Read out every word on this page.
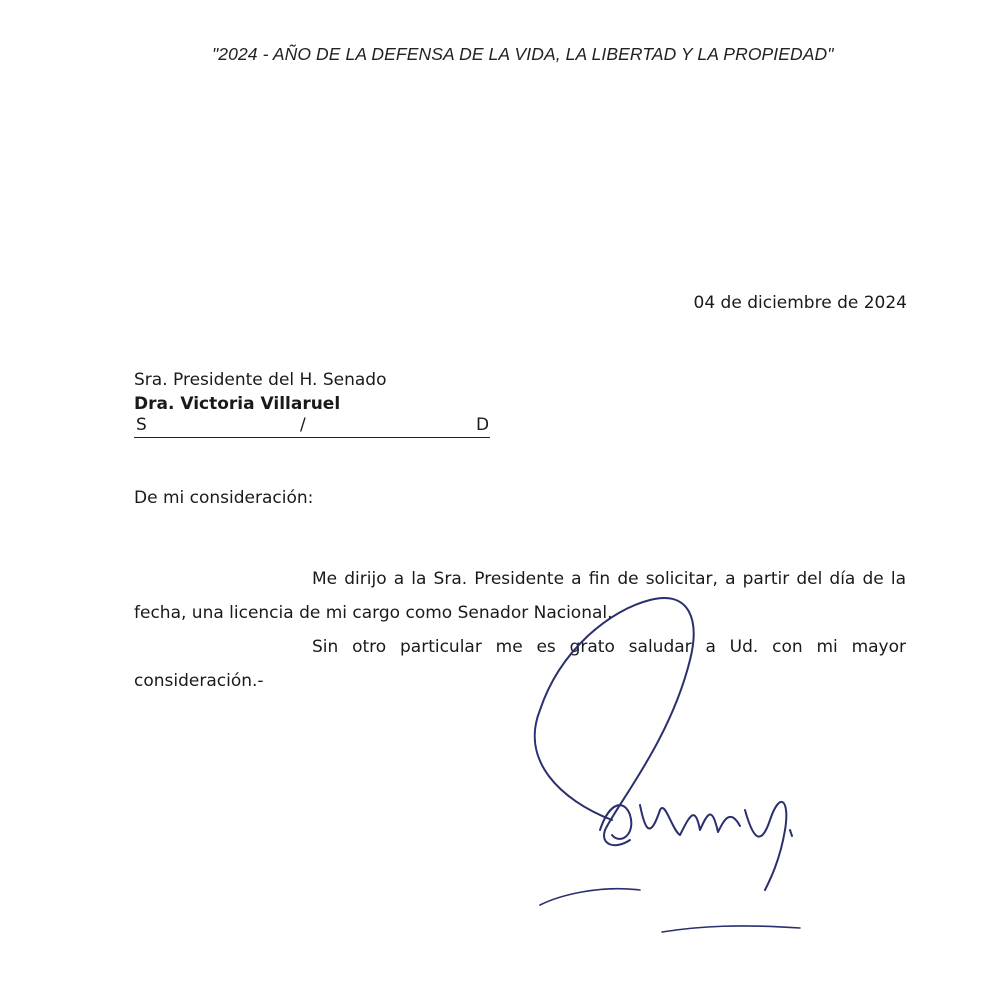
"2024 - AÑO DE LA DEFENSA DE LA VIDA, LA LIBERTAD Y LA PROPIEDAD"
04 de diciembre de 2024
Sra. Presidente del H. Senado
Dra. Victoria Villaruel
S	/	D
De mi consideración:

Me dirijo a la Sra. Presidente a fin de solicitar, a partir del día de la fecha, una licencia de mi cargo como Senador Nacional.

Sin otro particular me es grato saludar a Ud. con mi mayor consideración.-
